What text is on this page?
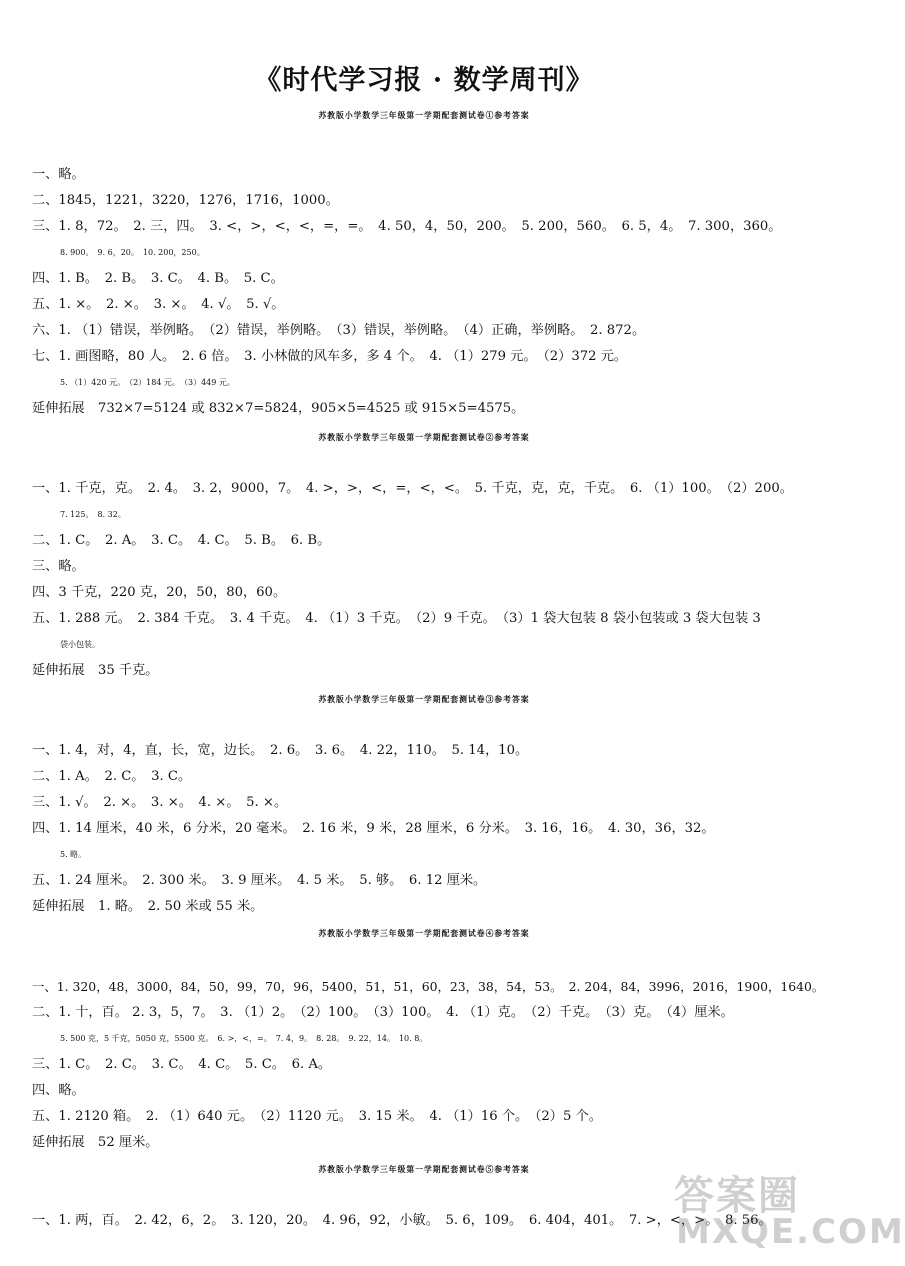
《时代学习报 · 数学周刊》
苏教版小学数学三年级第一学期配套测试卷①参考答案
一、略。
二、1845，1221，3220，1276，1716，1000。
三、1. 8，72。　2. 三，四。　3. <，>，<，<，=，=。　4. 50，4，50，200。　5. 200，560。　6. 5，4。　7. 300，360。
8. 900。　9. 6，20。　10. 200，250。
四、1. B。　2. B。　3. C。　4. B。　5. C。
五、1. ×。　2. ×。　3. ×。　4. √。　5. √。
六、1. （1）错误，举例略。　（2）错误，举例略。　（3）错误，举例略。　（4）正确，举例略。　2. 872。
七、1. 画图略，80 人。　2. 6 倍。　3. 小林做的风车多，多 4 个。　4. （1）279 元。　（2）372 元。
5. （1）420 元。　（2）184 元。　（3）449 元。
延伸拓展　732×7=5124 或 832×7=5824，905×5=4525 或 915×5=4575。
苏教版小学数学三年级第一学期配套测试卷②参考答案
一、1. 千克，克。　2. 4。　3. 2，9000，7。　4. >，>，<，=，<，<。　5. 千克，克，克，千克。　6. （1）100。　（2）200。
7. 125。　8. 32。
二、1. C。　2. A。　3. C。　4. C。　5. B。　6. B。
三、略。
四、3 千克，220 克，20，50，80，60。
五、1. 288 元。　2. 384 千克。　3. 4 千克。　4. （1）3 千克。　（2）9 千克。　（3）1 袋大包装 8 袋小包装或 3 袋大包装 3
袋小包装。
延伸拓展　35 千克。
苏教版小学数学三年级第一学期配套测试卷③参考答案
一、1. 4，对，4，直，长，宽，边长。　2. 6。　3. 6。　4. 22，110。　5. 14，10。
二、1. A。　2. C。　3. C。
三、1. √。　2. ×。　3. ×。　4. ×。　5. ×。
四、1. 14 厘米，40 米，6 分米，20 毫米。　2. 16 米，9 米，28 厘米，6 分米。　3. 16，16。　4. 30，36，32。
5. 略。
五、1. 24 厘米。　2. 300 米。　3. 9 厘米。　4. 5 米。　5. 够。　6. 12 厘米。
延伸拓展　1. 略。　2. 50 米或 55 米。
苏教版小学数学三年级第一学期配套测试卷④参考答案
一、1. 320，48，3000，84，50，99，70，96，5400，51，51，60，23，38，54，53。　2. 204，84，3996，2016，1900，1640。
二、1. 十，百。 2. 3，5，7。　3. （1）2。　（2）100。　（3）100。　4. （1）克。　（2）千克。　（3）克。　（4）厘米。
5. 500 克，5 千克，5050 克，5500 克。　6. >，<，=。　7. 4，9。　8. 28。　9. 22，14。　10. 8。
三、1. C。　2. C。　3. C。　4. C。　5. C。　6. A。
四、略。
五、1. 2120 箱。　2. （1）640 元。　（2）1120 元。　3. 15 米。　4. （1）16 个。　（2）5 个。
延伸拓展　52 厘米。
苏教版小学数学三年级第一学期配套测试卷⑤参考答案
一、1. 两，百。　2. 42，6，2。　3. 120，20。　4. 96，92，小敏。　5. 6，109。　6. 404，401。　7. >，<，>。　8. 56。
答案圈
MXQE.COM
